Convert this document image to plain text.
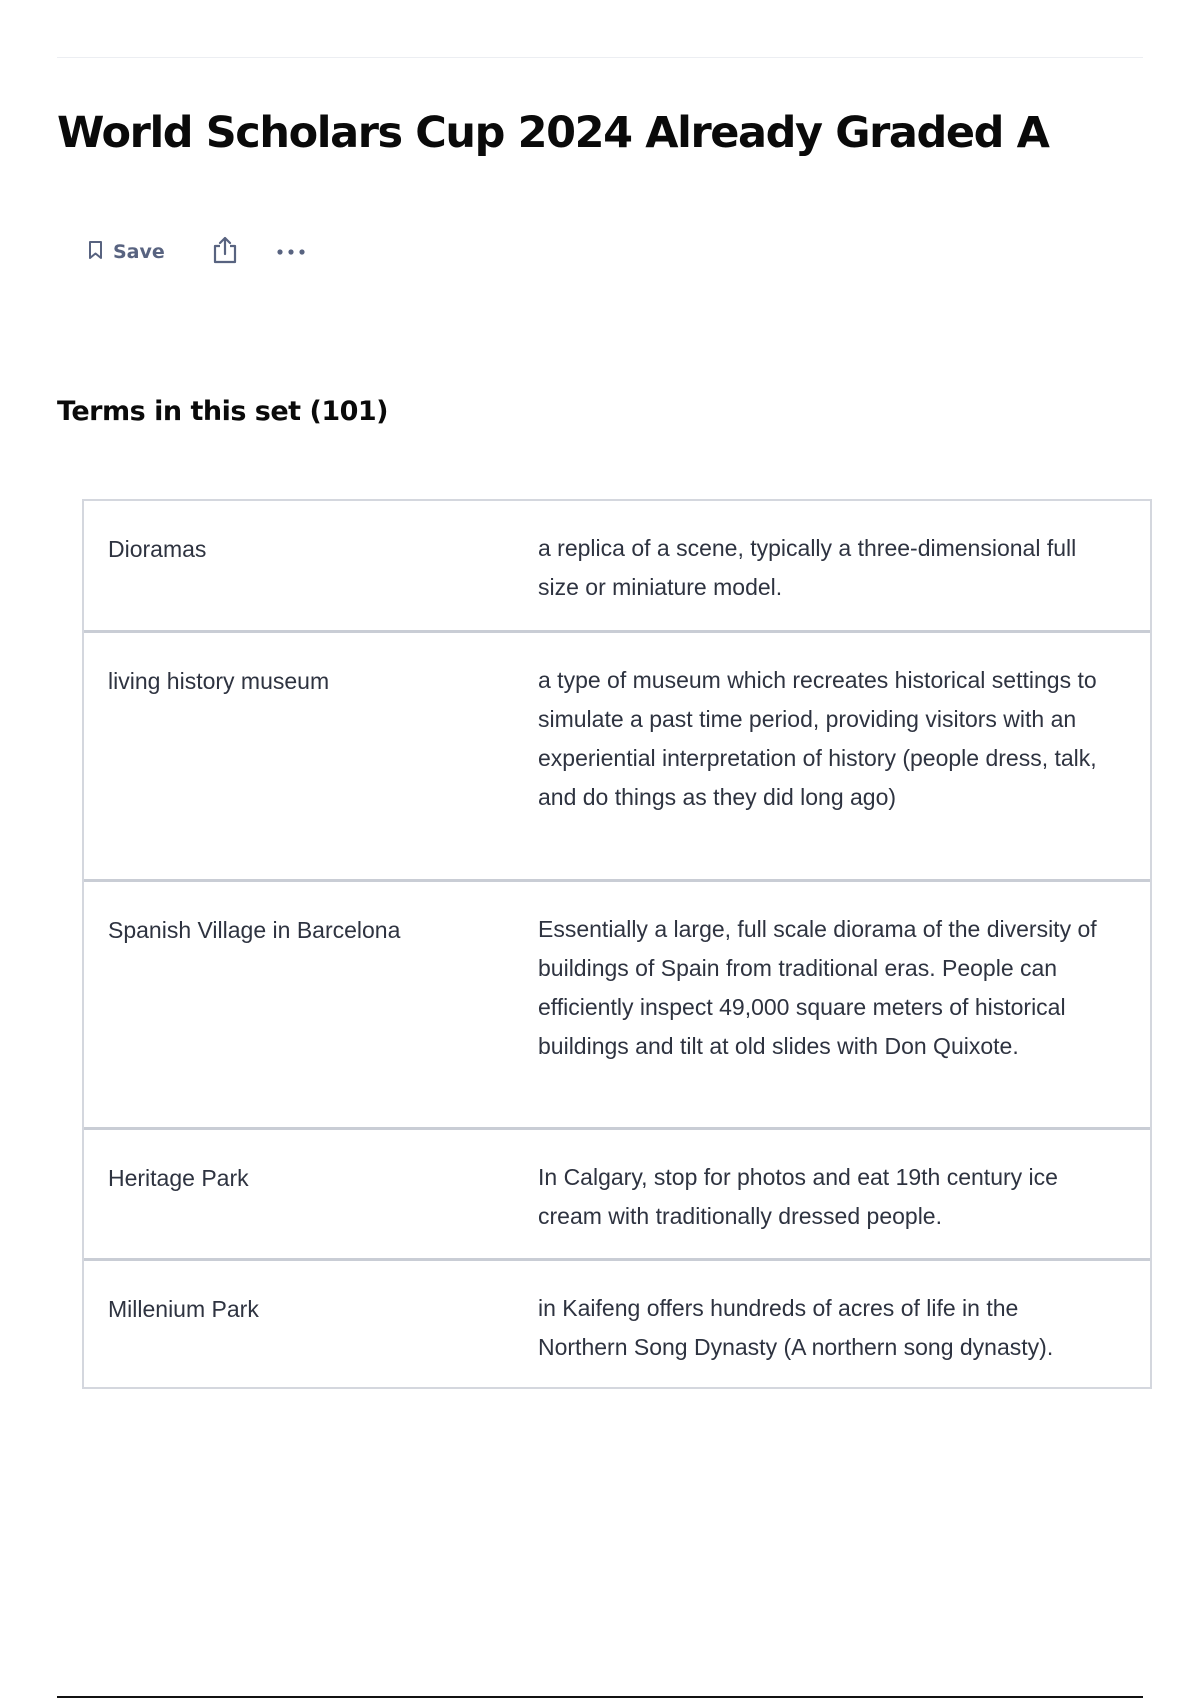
World Scholars Cup 2024 Already Graded A
Save
Terms in this set (101)
Dioramas	a replica of a scene, typically a three-dimensional full size or miniature model.
living history museum	a type of museum which recreates historical settings to simulate a past time period, providing visitors with an experiential interpretation of history (people dress, talk, and do things as they did long ago)
Spanish Village in Barcelona	Essentially a large, full scale diorama of the diversity of buildings of Spain from traditional eras. People can efficiently inspect 49,000 square meters of historical buildings and tilt at old slides with Don Quixote.
Heritage Park	In Calgary, stop for photos and eat 19th century ice cream with traditionally dressed people.
Millenium Park	in Kaifeng offers hundreds of acres of life in the Northern Song Dynasty (A northern song dynasty).
